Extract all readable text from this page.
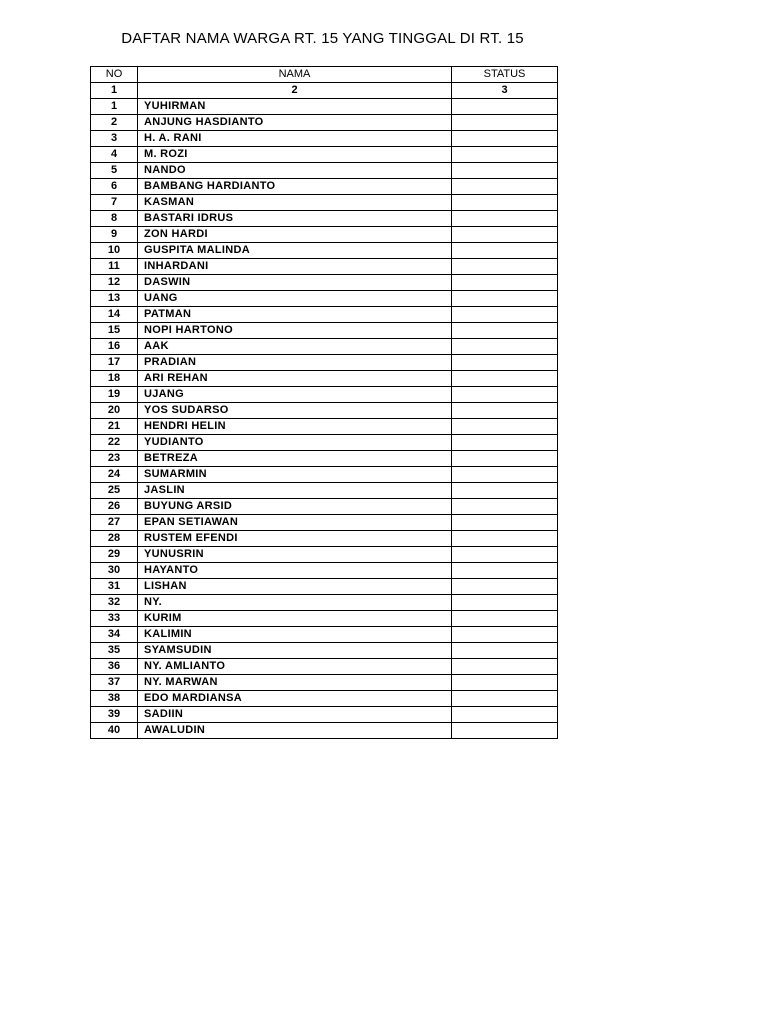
DAFTAR NAMA WARGA RT. 15 YANG TINGGAL DI RT. 15
NO	NAMA	STATUS
1	2	3
1	YUHIRMAN	
2	ANJUNG HASDIANTO	
3	H. A. RANI	
4	M. ROZI	
5	NANDO	
6	BAMBANG HARDIANTO	
7	KASMAN	
8	BASTARI IDRUS	
9	ZON HARDI	
10	GUSPITA MALINDA	
11	INHARDANI	
12	DASWIN	
13	UANG	
14	PATMAN	
15	NOPI HARTONO	
16	AAK	
17	PRADIAN	
18	ARI REHAN	
19	UJANG	
20	YOS SUDARSO	
21	HENDRI HELIN	
22	YUDIANTO	
23	BETREZA	
24	SUMARMIN	
25	JASLIN	
26	BUYUNG ARSID	
27	EPAN SETIAWAN	
28	RUSTEM EFENDI	
29	YUNUSRIN	
30	HAYANTO	
31	LISHAN	
32	NY.	
33	KURIM	
34	KALIMIN	
35	SYAMSUDIN	
36	NY. AMLIANTO	
37	NY. MARWAN	
38	EDO MARDIANSA	
39	SADIIN	
40	AWALUDIN	
